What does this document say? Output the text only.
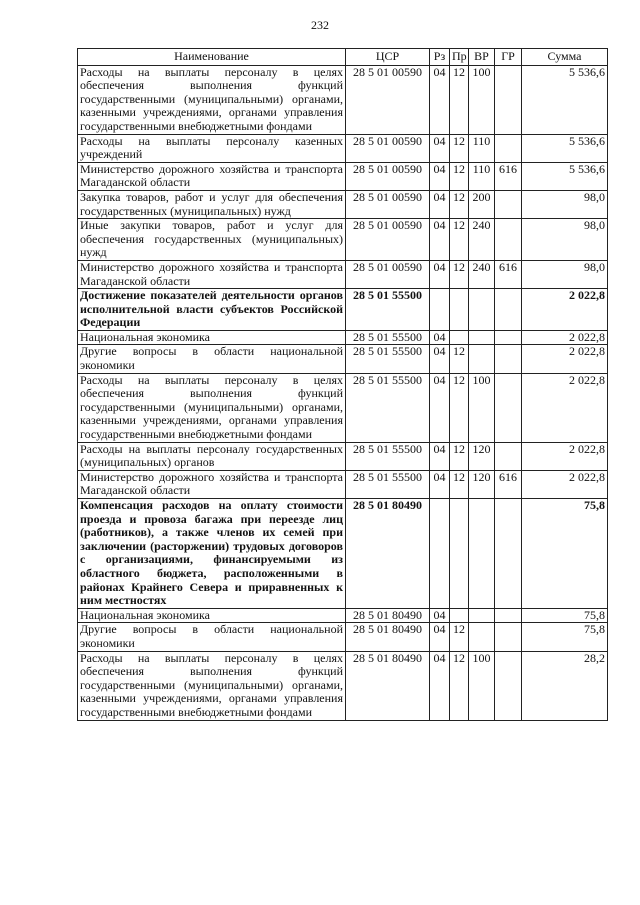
232
Наименование	ЦСР	Рз	Пр	ВР	ГР	Сумма
Расходы на выплаты персоналу в целях обеспечения выполнения функций государственными (муниципальными) органами, казенными учреждениями, органами управления государственными внебюджетными фондами	28 5 01 00590	04	12	100		5 536,6
Расходы на выплаты персоналу казенных учреждений	28 5 01 00590	04	12	110		5 536,6
Министерство дорожного хозяйства и транспорта Магаданской области	28 5 01 00590	04	12	110	616	5 536,6
Закупка товаров, работ и услуг для обеспечения государственных (муниципальных) нужд	28 5 01 00590	04	12	200		98,0
Иные закупки товаров, работ и услуг для обеспечения государственных (муниципальных) нужд	28 5 01 00590	04	12	240		98,0
Министерство дорожного хозяйства и транспорта Магаданской области	28 5 01 00590	04	12	240	616	98,0
Достижение показателей деятельности органов исполнительной власти субъектов Российской Федерации	28 5 01 55500					2 022,8
Национальная экономика	28 5 01 55500	04				2 022,8
Другие вопросы в области национальной экономики	28 5 01 55500	04	12			2 022,8
Расходы на выплаты персоналу в целях обеспечения выполнения функций государственными (муниципальными) органами, казенными учреждениями, органами управления государственными внебюджетными фондами	28 5 01 55500	04	12	100		2 022,8
Расходы на выплаты персоналу государственных (муниципальных) органов	28 5 01 55500	04	12	120		2 022,8
Министерство дорожного хозяйства и транспорта Магаданской области	28 5 01 55500	04	12	120	616	2 022,8
Компенсация расходов на оплату стоимости проезда и провоза багажа при переезде лиц (работников), а также членов их семей при заключении (расторжении) трудовых договоров с организациями, финансируемыми из областного бюджета, расположенными в районах Крайнего Севера и приравненных к ним местностях	28 5 01 80490					75,8
Национальная экономика	28 5 01 80490	04				75,8
Другие вопросы в области национальной экономики	28 5 01 80490	04	12			75,8
Расходы на выплаты персоналу в целях обеспечения выполнения функций государственными (муниципальными) органами, казенными учреждениями, органами управления государственными внебюджетными фондами	28 5 01 80490	04	12	100		28,2
